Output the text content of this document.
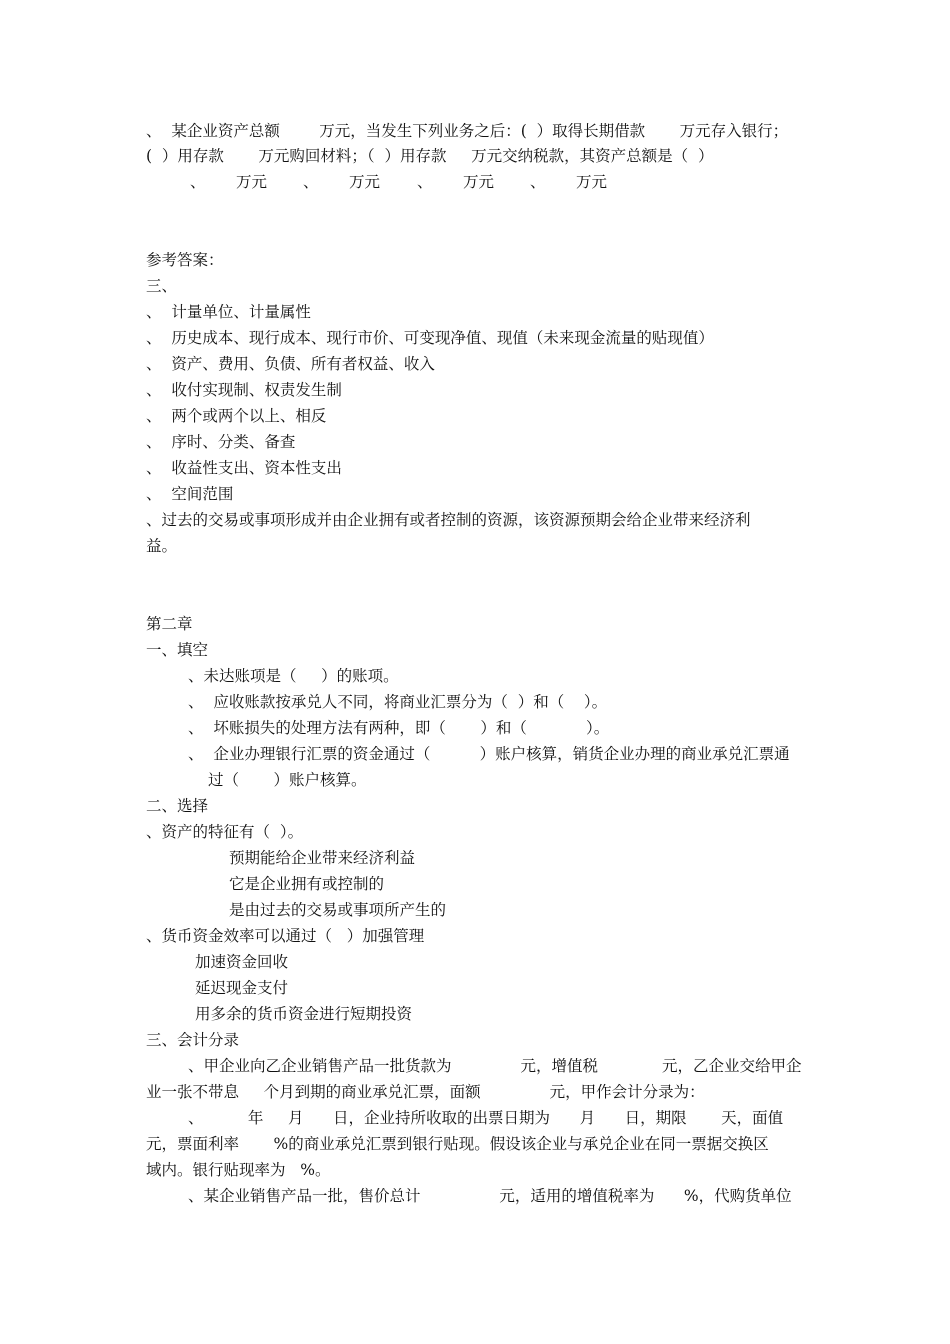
、  某企业资产总额        万元，当发生下列业务之后：(  ）取得长期借款       万元存入银行；
(  ）用存款       万元购回材料；（  ）用存款     万元交纳税款，其资产总额是（  ）
、 万元 、 万元 、 万元 、 万元
参考答案：
三、
、  计量单位、计量属性
、  历史成本、现行成本、现行市价、可变现净值、现值（未来现金流量的贴现值）
、  资产、费用、负债、所有者权益、收入
、  收付实现制、权责发生制
、  两个或两个以上、相反
、  序时、分类、备查
、  收益性支出、资本性支出
、  空间范围
、过去的交易或事项形成并由企业拥有或者控制的资源，该资源预期会给企业带来经济利
益。
第二章
一、填空
、未达账项是（     ）的账项。
、  应收账款按承兑人不同，将商业汇票分为（  ）和（    ）。
、  坏账损失的处理方法有两种，即（       ）和（            ）。
、  企业办理银行汇票的资金通过（          ）账户核算，销货企业办理的商业承兑汇票通
过（       ）账户核算。
二、选择
、资产的特征有（  ）。
预期能给企业带来经济利益
它是企业拥有或控制的
是由过去的交易或事项所产生的
、货币资金效率可以通过（   ）加强管理
加速资金回收
延迟现金支付
用多余的货币资金进行短期投资
三、会计分录
、甲企业向乙企业销售产品一批货款为              元，增值税             元，乙企业交给甲企
业一张不带息     个月到期的商业承兑汇票，面额              元，甲作会计分录为：
、         年     月      日，企业持所收取的出票日期为      月      日，期限       天，面值
元，票面利率       %的商业承兑汇票到银行贴现。假设该企业与承兑企业在同一票据交换区
域内。银行贴现率为   %。
、某企业销售产品一批，售价总计                元，适用的增值税率为      %，代购货单位
